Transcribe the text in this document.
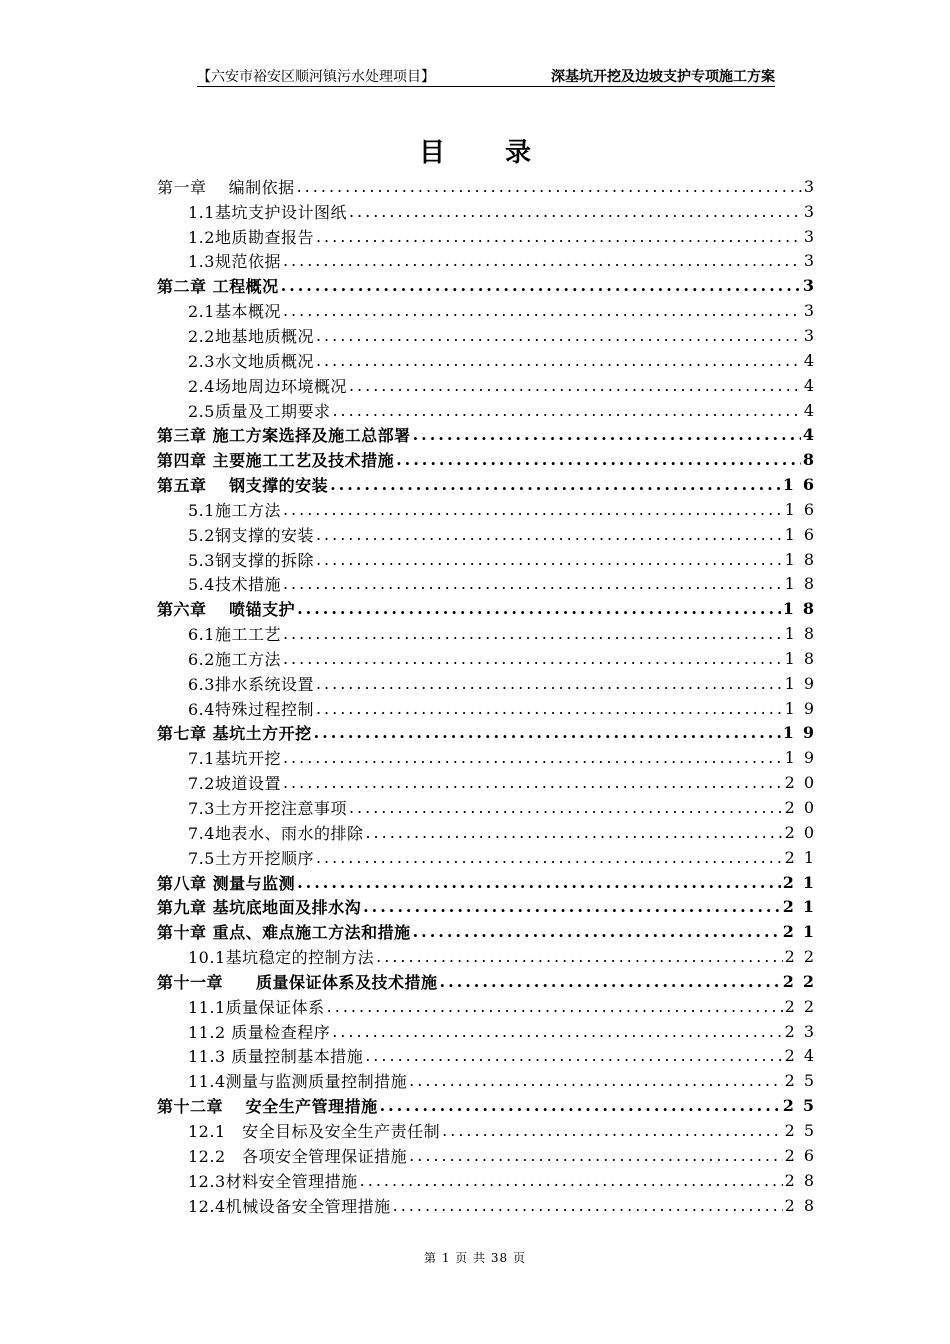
【六安市裕安区顺河镇污水处理项目】	深基坑开挖及边坡支护专项施工方案
目录
第一章　 编制依据 .....	3
1.1基坑支护设计图纸 .....	3
1.2地质勘查报告 .....	3
1.3规范依据 .....	3
第二章 工程概况 .....	3
2.1基本概况 .....	3
2.2地基地质概况 .....	3
2.3水文地质概况 .....	4
2.4场地周边环境概况 .....	4
2.5质量及工期要求 .....	4
第三章 施工方案选择及施工总部署 .....	4
第四章 主要施工工艺及技术措施 .....	8
第五章　 钢支撑的安装 .....	16
5.1施工方法 .....	16
5.2钢支撑的安装 .....	16
5.3钢支撑的拆除 .....	18
5.4技术措施 .....	18
第六章　 喷锚支护 .....	18
6.1施工工艺 .....	18
6.2施工方法 .....	18
6.3排水系统设置 .....	19
6.4特殊过程控制 .....	19
第七章 基坑土方开挖 .....	19
7.1基坑开挖 .....	19
7.2坡道设置 .....	20
7.3土方开挖注意事项 .....	20
7.4地表水、雨水的排除 .....	20
7.5土方开挖顺序 .....	21
第八章 测量与监测 .....	21
第九章 基坑底地面及排水沟 .....	21
第十章 重点、难点施工方法和措施 .....	21
10.1基坑稳定的控制方法 .....	22
第十一章　　质量保证体系及技术措施 .....	22
11.1质量保证体系 .....	22
11.2 质量检查程序 .....	23
11.3 质量控制基本措施 .....	24
11.4测量与监测质量控制措施 .....	25
第十二章　 安全生产管理措施 .....	25
12.1　安全目标及安全生产责任制 .....	25
12.2　各项安全管理保证措施 .....	26
12.3材料安全管理措施 .....	28
12.4机械设备安全管理措施 .....	28
第 1 页 共 38 页
